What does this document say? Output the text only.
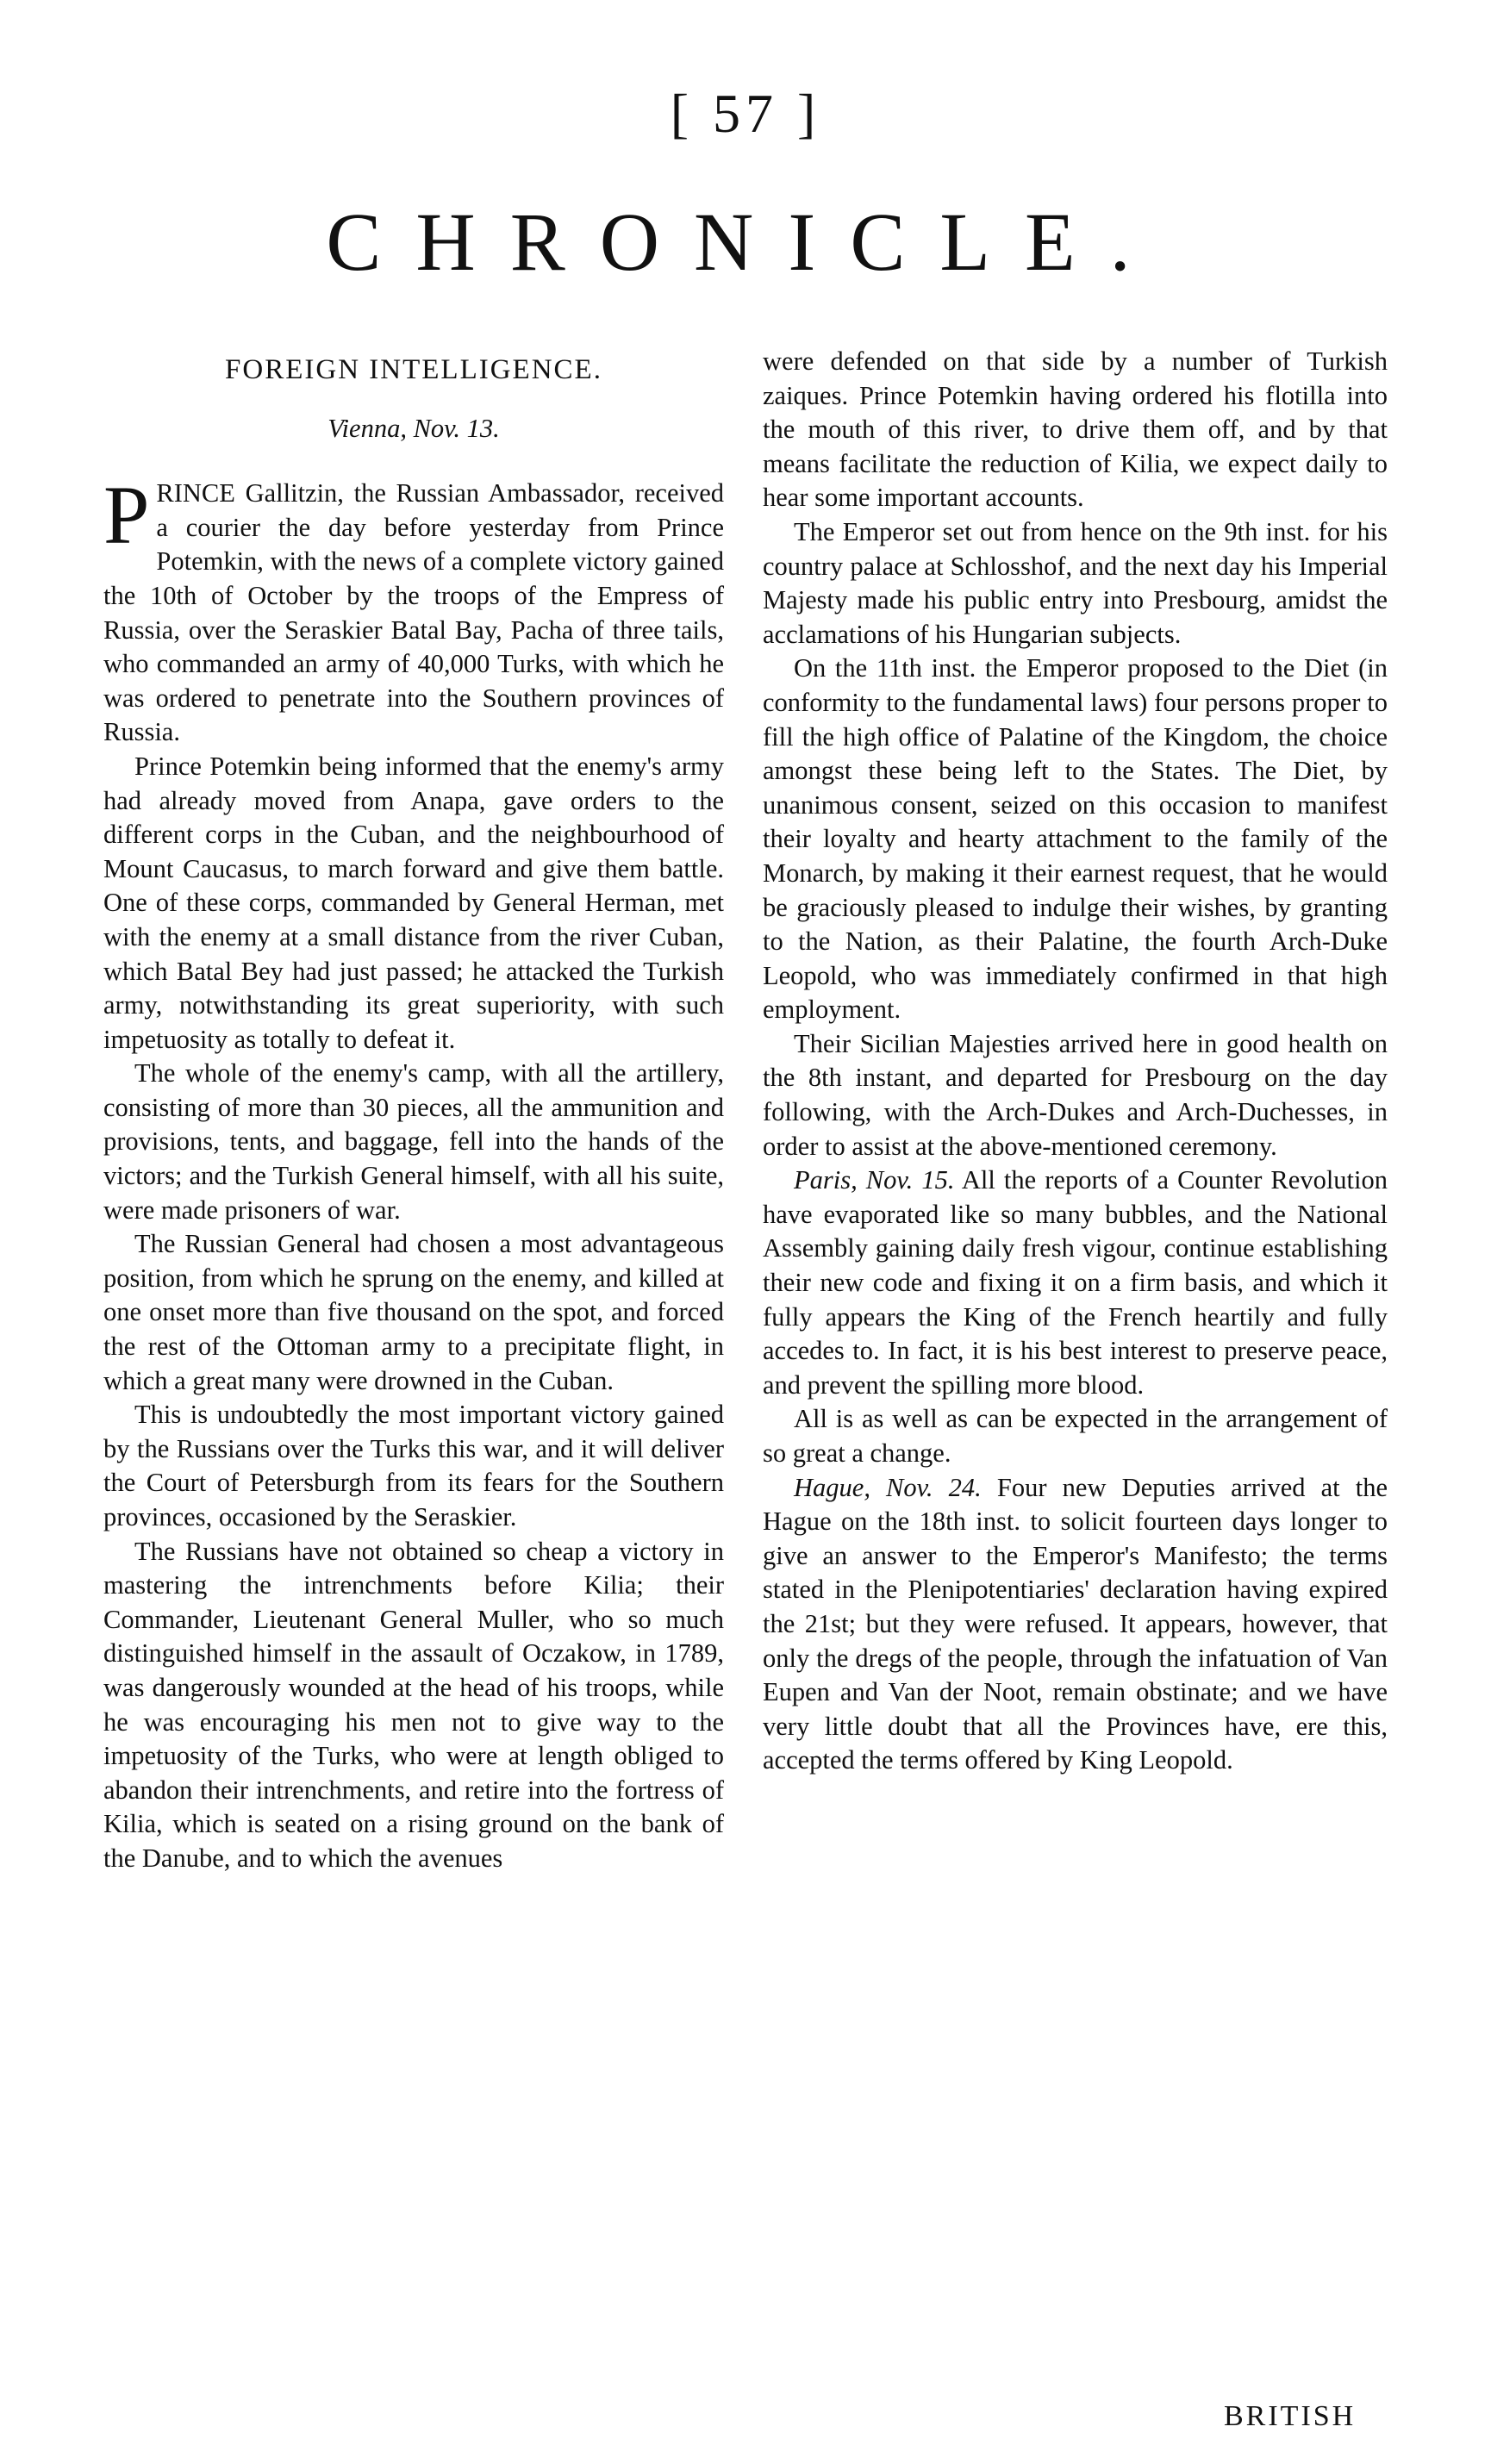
[ 57 ]
CHRONICLE.
FOREIGN INTELLIGENCE.
Vienna, Nov. 13.

PRINCE Gallitzin, the Russian Ambassador, received a courier the day before yesterday from Prince Potemkin, with the news of a complete victory gained the 10th of October by the troops of the Empress of Russia, over the Seraskier Batal Bay, Pacha of three tails, who commanded an army of 40,000 Turks, with which he was ordered to penetrate into the Southern provinces of Russia.

Prince Potemkin being informed that the enemy's army had already moved from Anapa, gave orders to the different corps in the Cuban, and the neighbourhood of Mount Caucasus, to march forward and give them battle. One of these corps, commanded by General Herman, met with the enemy at a small distance from the river Cuban, which Batal Bey had just passed; he attacked the Turkish army, notwithstanding its great superiority, with such impetuosity as totally to defeat it.

The whole of the enemy's camp, with all the artillery, consisting of more than 30 pieces, all the ammunition and provisions, tents, and baggage, fell into the hands of the victors; and the Turkish General himself, with all his suite, were made prisoners of war.

The Russian General had chosen a most advantageous position, from which he sprung on the enemy, and killed at one onset more than five thousand on the spot, and forced the rest of the Ottoman army to a precipitate flight, in which a great many were drowned in the Cuban.

This is undoubtedly the most important victory gained by the Russians over the Turks this war, and it will deliver the Court of Petersburgh from its fears for the Southern provinces, occasioned by the Seraskier.

The Russians have not obtained so cheap a victory in mastering the intrenchments before Kilia; their Commander, Lieutenant General Muller, who so much distinguished himself in the assault of Oczakow, in 1789, was dangerously wounded at the head of his troops, while he was encouraging his men not to give way to the impetuosity of the Turks, who were at length obliged to abandon their intrenchments, and retire into the fortress of Kilia, which is seated on a rising ground on the bank of the Danube, and to which the avenues

were defended on that side by a number of Turkish zaiques. Prince Potemkin having ordered his flotilla into the mouth of this river, to drive them off, and by that means facilitate the reduction of Kilia, we expect daily to hear some important accounts.

The Emperor set out from hence on the 9th inst. for his country palace at Schlosshof, and the next day his Imperial Majesty made his public entry into Presbourg, amidst the acclamations of his Hungarian subjects.

On the 11th inst. the Emperor proposed to the Diet (in conformity to the fundamental laws) four persons proper to fill the high office of Palatine of the Kingdom, the choice amongst these being left to the States. The Diet, by unanimous consent, seized on this occasion to manifest their loyalty and hearty attachment to the family of the Monarch, by making it their earnest request, that he would be graciously pleased to indulge their wishes, by granting to the Nation, as their Palatine, the fourth Arch-Duke Leopold, who was immediately confirmed in that high employment.

Their Sicilian Majesties arrived here in good health on the 8th instant, and departed for Presbourg on the day following, with the Arch-Dukes and Arch-Duchesses, in order to assist at the above-mentioned ceremony.

Paris, Nov. 15. All the reports of a Counter Revolution have evaporated like so many bubbles, and the National Assembly gaining daily fresh vigour, continue establishing their new code and fixing it on a firm basis, and which it fully appears the King of the French heartily and fully accedes to. In fact, it is his best interest to preserve peace, and prevent the spilling more blood.

All is as well as can be expected in the arrangement of so great a change.

Hague, Nov. 24. Four new Deputies arrived at the Hague on the 18th inst. to solicit fourteen days longer to give an answer to the Emperor's Manifesto; the terms stated in the Plenipotentiaries' declaration having expired the 21st; but they were refused. It appears, however, that only the dregs of the people, through the infatuation of Van Eupen and Van der Noot, remain obstinate; and we have very little doubt that all the Provinces have, ere this, accepted the terms offered by King Leopold.

BRITISH
